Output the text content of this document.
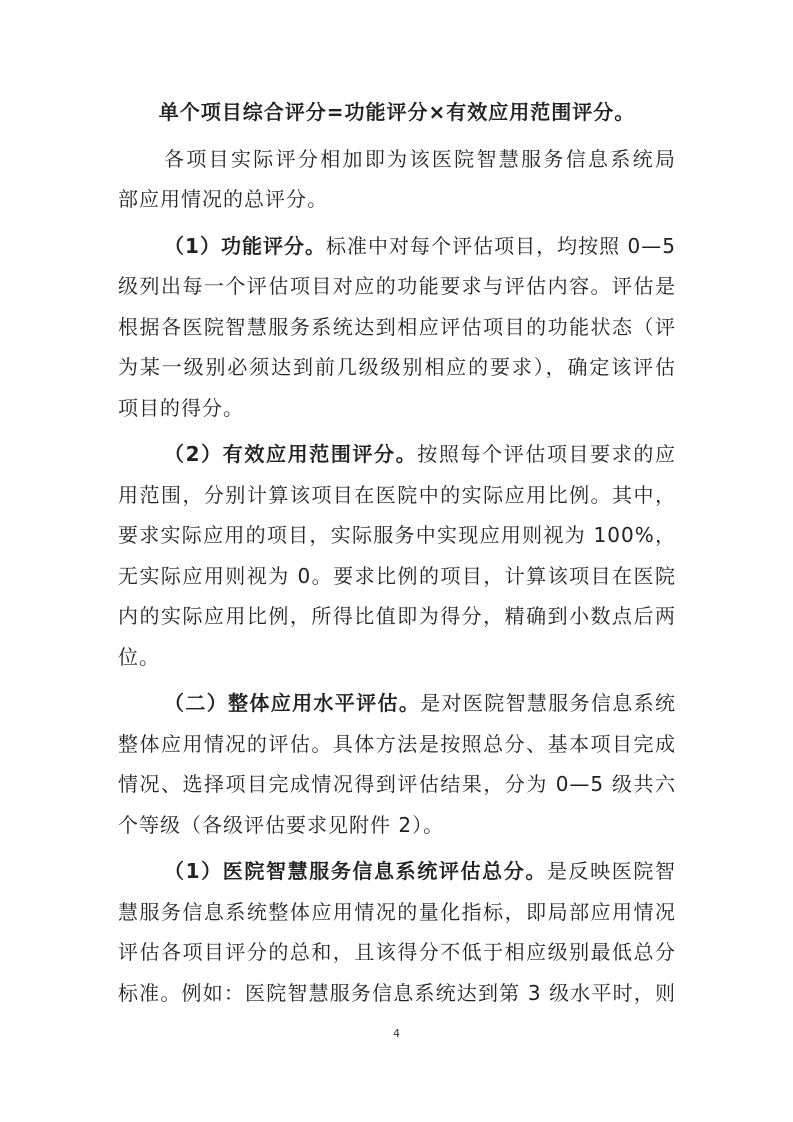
单个项目综合评分=功能评分×有效应用范围评分。
各项目实际评分相加即为该医院智慧服务信息系统局
部应用情况的总评分。
（1）功能评分。标准中对每个评估项目，均按照 0—5
级列出每一个评估项目对应的功能要求与评估内容。评估是
根据各医院智慧服务系统达到相应评估项目的功能状态（评
为某一级别必须达到前几级级别相应的要求），确定该评估
项目的得分。
（2）有效应用范围评分。按照每个评估项目要求的应
用范围，分别计算该项目在医院中的实际应用比例。其中，
要求实际应用的项目，实际服务中实现应用则视为 100%，
无实际应用则视为 0。要求比例的项目，计算该项目在医院
内的实际应用比例，所得比值即为得分，精确到小数点后两
位。
（二）整体应用水平评估。是对医院智慧服务信息系统
整体应用情况的评估。具体方法是按照总分、基本项目完成
情况、选择项目完成情况得到评估结果，分为 0—5 级共六
个等级（各级评估要求见附件 2）。
（1）医院智慧服务信息系统评估总分。是反映医院智
慧服务信息系统整体应用情况的量化指标，即局部应用情况
评估各项目评分的总和，且该得分不低于相应级别最低总分
标准。例如：医院智慧服务信息系统达到第 3 级水平时，则
4
